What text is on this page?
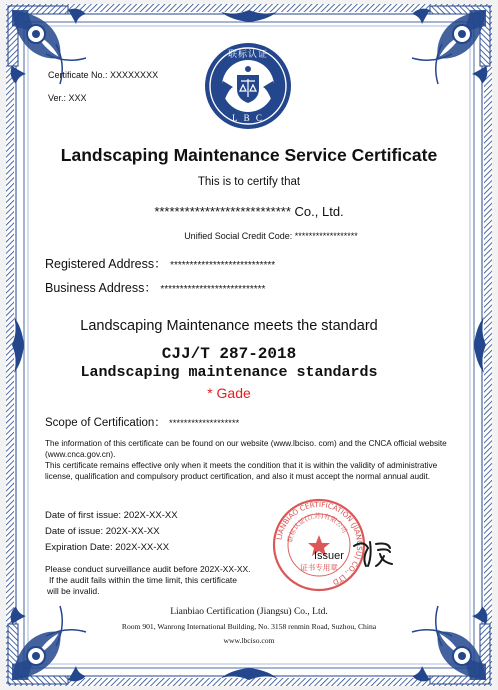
Certificate No.: XXXXXXXX
Ver.: XXX
联标认证
L B C
Landscaping Maintenance Service Certificate
This is to certify that
*************************** Co., Ltd.
Unified Social Credit Code: ******************
Registered Address： ***************************
Business Address： ***************************
Landscaping Maintenance meets the standard
CJJ/T 287-2018
Landscaping maintenance standards
* Gade
Scope of Certification： *******************
The information of this certificate can be found on our website (www.lbciso. com) and the CNCA official website (www.cnca.gov.cn).
This certificate remains effective only when it meets the condition that it is within the validity of administrative license, qualification and compulsory product certification, and also it must accept the normal annual audit.
Date of first issue: 202X-XX-XX
Date of issue: 202X-XX-XX
Expiration Date: 202X-XX-XX
Please conduct surveillance audit before 202X-XX-XX.
If the audit fails within the time limit, this certificate
will be invalid.
LIANBIAO CERTIFICATION (JIANGSU) CO., LTD
联标认证(江苏)有限公司
证书专用章
Issuer
Lianbiao Certification (Jiangsu) Co., Ltd.
Room 901, Wanrong International Building, No. 3158 renmin Road, Suzhou, China
www.lbciso.com
